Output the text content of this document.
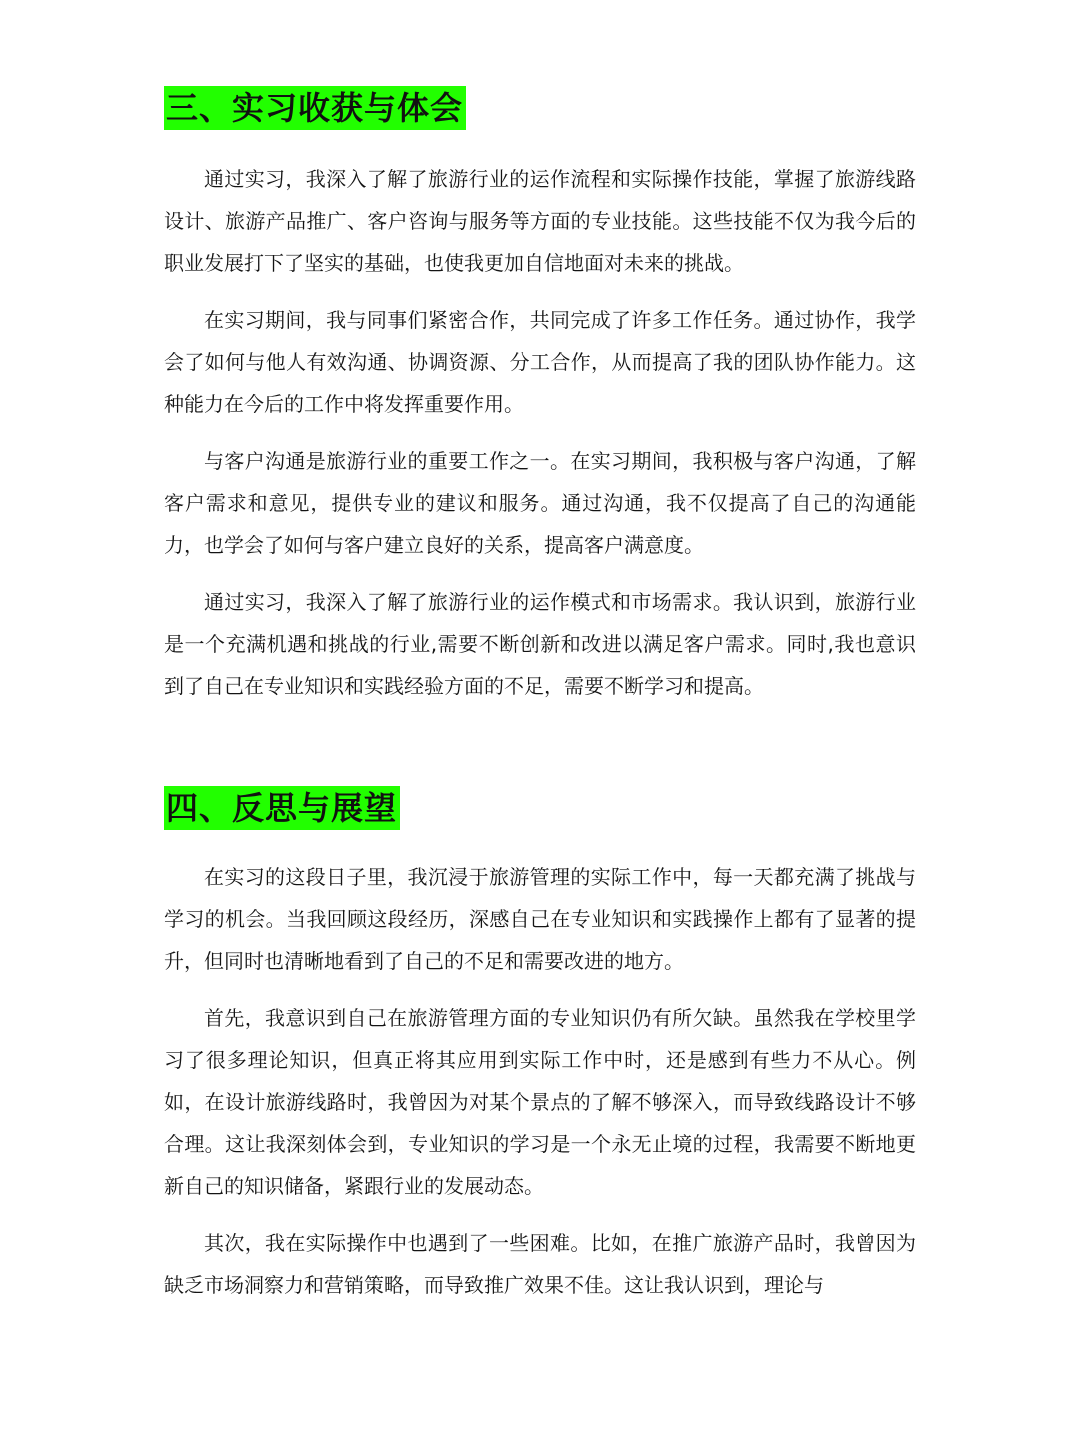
三、实习收获与体会

通过实习，我深入了解了旅游行业的运作流程和实际操作技能，掌握了旅游线路设计、旅游产品推广、客户咨询与服务等方面的专业技能。这些技能不仅为我今后的职业发展打下了坚实的基础，也使我更加自信地面对未来的挑战。

在实习期间，我与同事们紧密合作，共同完成了许多工作任务。通过协作，我学会了如何与他人有效沟通、协调资源、分工合作，从而提高了我的团队协作能力。这种能力在今后的工作中将发挥重要作用。

与客户沟通是旅游行业的重要工作之一。在实习期间，我积极与客户沟通，了解客户需求和意见，提供专业的建议和服务。通过沟通，我不仅提高了自己的沟通能力，也学会了如何与客户建立良好的关系，提高客户满意度。

通过实习，我深入了解了旅游行业的运作模式和市场需求。我认识到，旅游行业是一个充满机遇和挑战的行业,需要不断创新和改进以满足客户需求。同时,我也意识到了自己在专业知识和实践经验方面的不足，需要不断学习和提高。

四、反思与展望

在实习的这段日子里，我沉浸于旅游管理的实际工作中，每一天都充满了挑战与学习的机会。当我回顾这段经历，深感自己在专业知识和实践操作上都有了显著的提升，但同时也清晰地看到了自己的不足和需要改进的地方。

首先，我意识到自己在旅游管理方面的专业知识仍有所欠缺。虽然我在学校里学习了很多理论知识，但真正将其应用到实际工作中时，还是感到有些力不从心。例如，在设计旅游线路时，我曾因为对某个景点的了解不够深入，而导致线路设计不够合理。这让我深刻体会到，专业知识的学习是一个永无止境的过程，我需要不断地更新自己的知识储备，紧跟行业的发展动态。

其次，我在实际操作中也遇到了一些困难。比如，在推广旅游产品时，我曾因为缺乏市场洞察力和营销策略，而导致推广效果不佳。这让我认识到，理论与
